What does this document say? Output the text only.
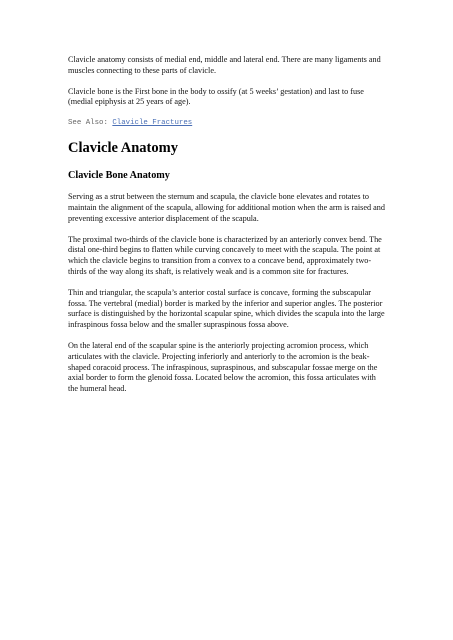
Clavicle anatomy consists of medial end, middle and lateral end. There are many ligaments and muscles connecting to these parts of clavicle.

Clavicle bone is the First bone in the body to ossify (at 5 weeks’ gestation) and last to fuse (medial epiphysis at 25 years of age).

See Also: Clavicle Fractures

Clavicle Anatomy
Clavicle Bone Anatomy

Serving as a strut between the sternum and scapula, the clavicle bone elevates and rotates to maintain the alignment of the scapula, allowing for additional motion when the arm is raised and preventing excessive anterior displacement of the scapula.

The proximal two-thirds of the clavicle bone is characterized by an anteriorly convex bend. The distal one-third begins to flatten while curving concavely to meet with the scapula. The point at which the clavicle begins to transition from a convex to a concave bend, approximately two-thirds of the way along its shaft, is relatively weak and is a common site for fractures.

Thin and triangular, the scapula’s anterior costal surface is concave, forming the subscapular fossa. The vertebral (medial) border is marked by the inferior and superior angles. The posterior surface is distinguished by the horizontal scapular spine, which divides the scapula into the large infraspinous fossa below and the smaller supraspinous fossa above.

On the lateral end of the scapular spine is the anteriorly projecting acromion process, which articulates with the clavicle. Projecting inferiorly and anteriorly to the acromion is the beak-shaped coracoid process. The infraspinous, supraspinous, and subscapular fossae merge on the axial border to form the glenoid fossa. Located below the acromion, this fossa articulates with the humeral head.
